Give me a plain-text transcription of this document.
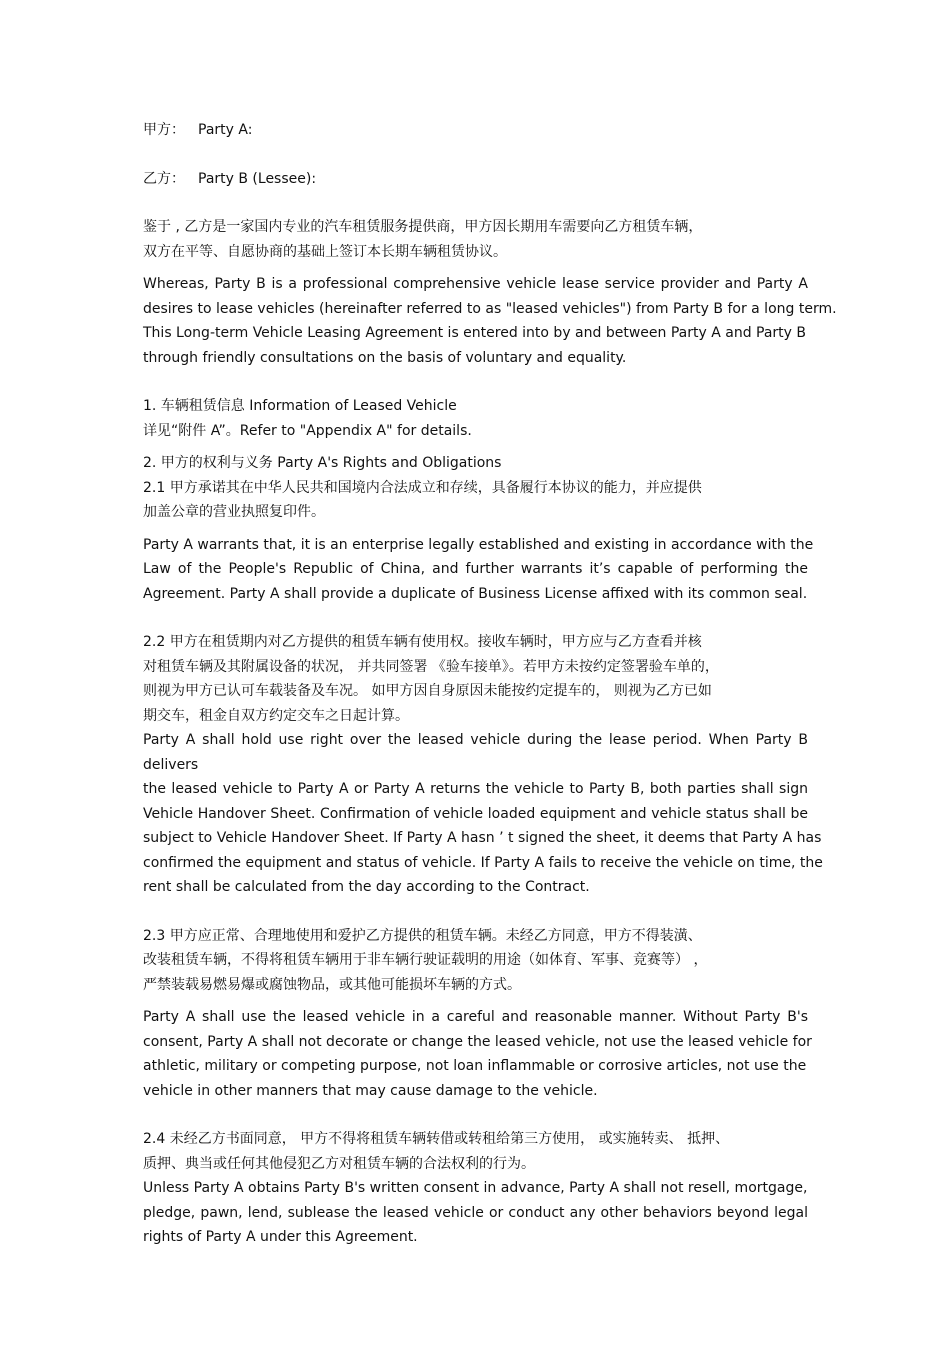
甲方： Party A:
乙方： Party B (Lessee):
鉴于 , 乙方是一家国内专业的汽车租赁服务提供商，甲方因长期用车需要向乙方租赁车辆，
双方在平等、自愿协商的基础上签订本长期车辆租赁协议。
Whereas, Party B is a professional comprehensive vehicle lease service provider and Party A
desires to lease vehicles (hereinafter referred to as "leased vehicles") from Party B for a long term.
This Long-term Vehicle Leasing Agreement is entered into by and between Party A and Party B
through friendly consultations on the basis of voluntary and equality.
1. 车辆租赁信息 Information of Leased Vehicle
详见“附件 A”。Refer to "Appendix A" for details.
2. 甲方的权利与义务 Party A's Rights and Obligations
2.1 甲方承诺其在中华人民共和国境内合法成立和存续，具备履行本协议的能力，并应提供
加盖公章的营业执照复印件。
Party A warrants that, it is an enterprise legally established and existing in accordance with the
Law of the People's Republic of China, and further warrants it’s capable of performing the
Agreement. Party A shall provide a duplicate of Business License affixed with its common seal.
2.2 甲方在租赁期内对乙方提供的租赁车辆有使用权。接收车辆时，甲方应与乙方查看并核
对租赁车辆及其附属设备的状况， 并共同签署 《验车接单》。若甲方未按约定签署验车单的，
则视为甲方已认可车载装备及车况。 如甲方因自身原因未能按约定提车的， 则视为乙方已如
期交车，租金自双方约定交车之日起计算。
Party A shall hold use right over the leased vehicle during the lease period. When Party B delivers
the leased vehicle to Party A or Party A returns the vehicle to Party B, both parties shall sign
Vehicle Handover Sheet. Confirmation of vehicle loaded equipment and vehicle status shall be
subject to Vehicle Handover Sheet. If Party A hasn ’ t signed the sheet, it deems that Party A has
confirmed the equipment and status of vehicle. If Party A fails to receive the vehicle on time, the
rent shall be calculated from the day according to the Contract.
2.3 甲方应正常、合理地使用和爱护乙方提供的租赁车辆。未经乙方同意，甲方不得装潢、
改装租赁车辆，不得将租赁车辆用于非车辆行驶证载明的用途（如体育、军事、竞赛等） ，
严禁装载易燃易爆或腐蚀物品，或其他可能损坏车辆的方式。
Party A shall use the leased vehicle in a careful and reasonable manner. Without Party B's
consent, Party A shall not decorate or change the leased vehicle, not use the leased vehicle for
athletic, military or competing purpose, not loan inflammable or corrosive articles, not use the
vehicle in other manners that may cause damage to the vehicle.
2.4 未经乙方书面同意， 甲方不得将租赁车辆转借或转租给第三方使用， 或实施转卖、 抵押、
质押、典当或任何其他侵犯乙方对租赁车辆的合法权利的行为。
Unless Party A obtains Party B's written consent in advance, Party A shall not resell, mortgage,
pledge, pawn, lend, sublease the leased vehicle or conduct any other behaviors beyond legal
rights of Party A under this Agreement.
